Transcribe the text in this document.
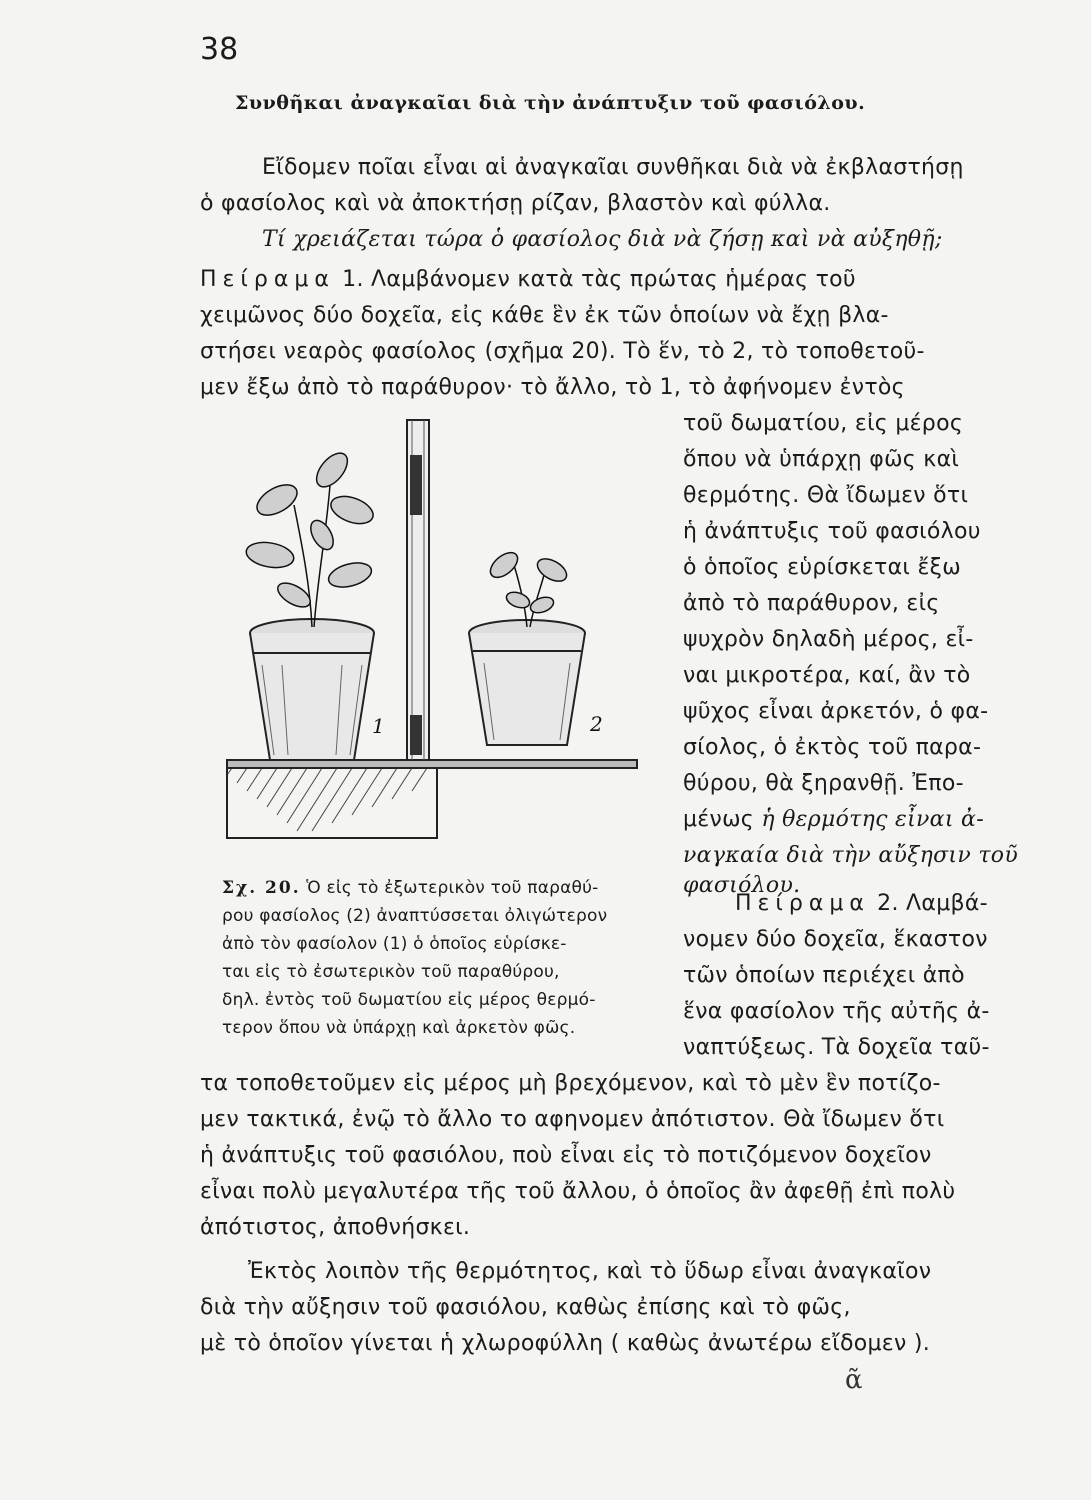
38
Συνθῆκαι ἀναγκαῖαι διὰ τὴν ἀνάπτυξιν τοῦ φασιόλου.

Εἴδομεν ποῖαι εἶναι αἱ ἀναγκαῖαι συνθῆκαι διὰ νὰ ἐκβλαστήσῃ

ὁ φασίολος καὶ νὰ ἀποκτήσῃ ρίζαν, βλαστὸν καὶ φύλλα.

Τί χρειάζεται τώρα ὁ φασίολος διὰ νὰ ζήσῃ καὶ νὰ αὐξηθῇ;

Πείραμα 1. Λαμβάνομεν κατὰ τὰς πρώτας ἡμέρας τοῦ

χειμῶνος δύο δοχεῖα, εἰς κάθε ἓν ἐκ τῶν ὁποίων νὰ ἔχῃ βλα-

στήσει νεαρὸς φασίολος (σχῆμα 20). Τὸ ἕν, τὸ 2, τὸ τοποθετοῦ-

μεν ἔξω ἀπὸ τὸ παράθυρον· τὸ ἄλλο, τὸ 1, τὸ ἀφήνομεν ἐντὸς

τοῦ δωματίου, εἰς μέρος

ὅπου νὰ ὑπάρχῃ φῶς καὶ

θερμότης. Θὰ ἴδωμεν ὅτι

ἡ ἀνάπτυξις τοῦ φασιόλου

ὁ ὁποῖος εὑρίσκεται ἔξω

ἀπὸ τὸ παράθυρον, εἰς

ψυχρὸν δηλαδὴ μέρος, εἶ-

ναι μικροτέρα, καί, ἂν τὸ

ψῦχος εἶναι ἀρκετόν, ὁ φα-

σίολος, ὁ ἐκτὸς τοῦ παρα-

θύρου, θὰ ξηρανθῇ. Ἐπο-

μένως ἡ θερμότης εἶναι ἀ-

ναγκαία διὰ τὴν αὔξησιν τοῦ

φασιόλου.

1	2
Σχ. 20. Ὁ εἰς τὸ ἐξωτερικὸν τοῦ παραθύ-
ρου φασίολος (2) ἀναπτύσσεται ὀλιγώτερον
ἀπὸ τὸν φασίολον (1) ὁ ὁποῖος εὑρίσκε-
ται εἰς τὸ ἐσωτερικὸν τοῦ παραθύρου,
δηλ. ἐντὸς τοῦ δωματίου εἰς μέρος θερμό-
τερον ὅπου νὰ ὑπάρχῃ καὶ ἀρκετὸν φῶς.

Πείραμα 2. Λαμβά-

νομεν δύο δοχεῖα, ἕκαστον

τῶν ὁποίων περιέχει ἀπὸ

ἕνα φασίολον τῆς αὐτῆς ἀ-

ναπτύξεως. Τὰ δοχεῖα ταῦ-

τα τοποθετοῦμεν εἰς μέρος μὴ βρεχόμενον, καὶ τὸ μὲν ἓν ποτίζο-

μεν τακτικά, ἐνῷ τὸ ἄλλο το αφηνομεν ἀπότιστον. Θὰ ἴδωμεν ὅτι

ἡ ἀνάπτυξις τοῦ φασιόλου, ποὺ εἶναι εἰς τὸ ποτιζόμενον δοχεῖον

εἶναι πολὺ μεγαλυτέρα τῆς τοῦ ἄλλου, ὁ ὁποῖος ἂν ἀφεθῇ ἐπὶ πολὺ

ἀπότιστος, ἀποθνήσκει.

Ἐκτὸς λοιπὸν τῆς θερμότητος, καὶ τὸ ὕδωρ εἶναι ἀναγκαῖον

διὰ τὴν αὔξησιν τοῦ φασιόλου, καθὼς ἐπίσης καὶ τὸ φῶς,

μὲ τὸ ὁποῖον γίνεται ἡ χλωροφύλλη ( καθὼς ἀνωτέρω εἴδομεν ).

ᾶ
